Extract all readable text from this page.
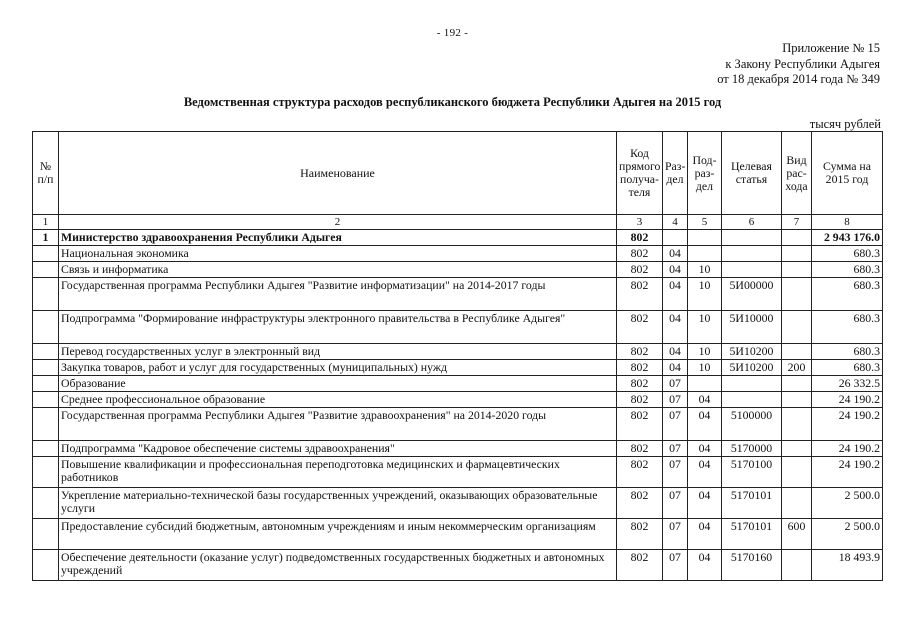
- 192 -
Приложение № 15
к Закону Республики Адыгея
от 18 декабря 2014 года № 349
Ведомственная структура расходов республиканского бюджета Республики Адыгея на 2015 год
тысяч рублей
№ п/п	Наименование	Код прямого получа-теля	Раз-дел	Под-раз-дел	Целевая статья	Вид рас-хода	Сумма на 2015 год
1	2	3	4	5	6	7	8
1	Министерство здравоохранения Республики Адыгея	802					2 943 176.0
	Национальная экономика	802	04				680.3
	Связь и информатика	802	04	10			680.3
	Государственная программа Республики Адыгея "Развитие информатизации" на 2014-2017 годы	802	04	10	5И00000		680.3
	Подпрограмма "Формирование инфраструктуры электронного правительства в Республике Адыгея"	802	04	10	5И10000		680.3
	Перевод государственных услуг в электронный вид	802	04	10	5И10200		680.3
	Закупка товаров, работ и услуг для государственных (муниципальных) нужд	802	04	10	5И10200	200	680.3
	Образование	802	07				26 332.5
	Среднее профессиональное образование	802	07	04			24 190.2
	Государственная программа Республики Адыгея "Развитие здравоохранения" на 2014-2020 годы	802	07	04	5100000		24 190.2
	Подпрограмма "Кадровое обеспечение системы здравоохранения"	802	07	04	5170000		24 190.2
	Повышение квалификации и профессиональная переподготовка медицинских и фармацевтических работников	802	07	04	5170100		24 190.2
	Укрепление материально-технической базы государственных учреждений, оказывающих образовательные услуги	802	07	04	5170101		2 500.0
	Предоставление субсидий бюджетным, автономным учреждениям и иным некоммерческим организациям	802	07	04	5170101	600	2 500.0
	Обеспечение деятельности (оказание услуг) подведомственных государственных бюджетных и автономных учреждений	802	07	04	5170160		18 493.9
